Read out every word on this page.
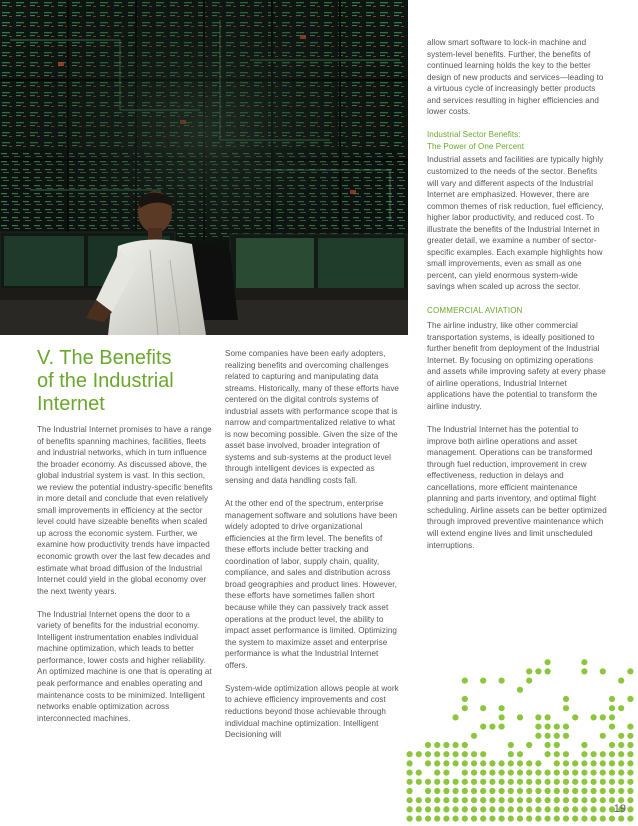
V. The Benefits
of the Industrial
Internet

The Industrial Internet promises to have a range of benefits spanning machines, facilities, fleets and industrial networks, which in turn influence the broader economy. As discussed above, the global industrial system is vast. In this section, we review the potential industry-specific benefits in more detail and conclude that even relatively small improvements in efficiency at the sector level could have sizeable benefits when scaled up across the economic system. Further, we examine how productivity trends have impacted economic growth over the last few decades and estimate what broad diffusion of the Industrial Internet could yield in the global economy over the next twenty years.

The Industrial Internet opens the door to a variety of benefits for the industrial economy. Intelligent instrumentation enables individual machine optimization, which leads to better performance, lower costs and higher reliability. An optimized machine is one that is operating at peak performance and enables operating and maintenance costs to be minimized. Intelligent networks enable optimization across interconnected machines.

Some companies have been early adopters, realizing benefits and overcoming challenges related to capturing and manipulating data streams. Historically, many of these efforts have centered on the digital controls systems of industrial assets with performance scope that is narrow and compartmentalized relative to what is now becoming possible. Given the size of the asset base involved, broader integration of systems and sub-systems at the product level through intelligent devices is expected as sensing and data handling costs fall.

At the other end of the spectrum, enterprise management software and solutions have been widely adopted to drive organizational efficiencies at the firm level. The benefits of these efforts include better tracking and coordination of labor, supply chain, quality, compliance, and sales and distribution across broad geographies and product lines. However, these efforts have sometimes fallen short because while they can passively track asset operations at the product level, the ability to impact asset performance is limited. Optimizing the system to maximize asset and enterprise performance is what the Industrial Internet offers.

System-wide optimization allows people at work to achieve efficiency improvements and cost reductions beyond those achievable through individual machine optimization. Intelligent Decisioning will

allow smart software to lock-in machine and system-level benefits. Further, the benefits of continued learning holds the key to the better design of new products and services—leading to a virtuous cycle of increasingly better products and services resulting in higher efficiencies and lower costs.

Industrial Sector Benefits:
The Power of One Percent

Industrial assets and facilities are typically highly customized to the needs of the sector. Benefits will vary and different aspects of the Industrial Internet are emphasized. However, there are common themes of risk reduction, fuel efficiency, higher labor productivity, and reduced cost. To illustrate the benefits of the Industrial Internet in greater detail, we examine a number of sector-specific examples. Each example highlights how small improvements, even as small as one percent, can yield enormous system-wide savings when scaled up across the sector.

COMMERCIAL AVIATION

The airline industry, like other commercial transportation systems, is ideally positioned to further benefit from deployment of the Industrial Internet. By focusing on optimizing operations and assets while improving safety at every phase of airline operations, Industrial Internet applications have the potential to transform the airline industry.

The Industrial Internet has the potential to improve both airline operations and asset management. Operations can be transformed through fuel reduction, improvement in crew effectiveness, reduction in delays and cancellations, more efficient maintenance planning and parts inventory, and optimal flight scheduling. Airline assets can be better optimized through improved preventive maintenance which will extend engine lives and limit unscheduled interruptions.

19
